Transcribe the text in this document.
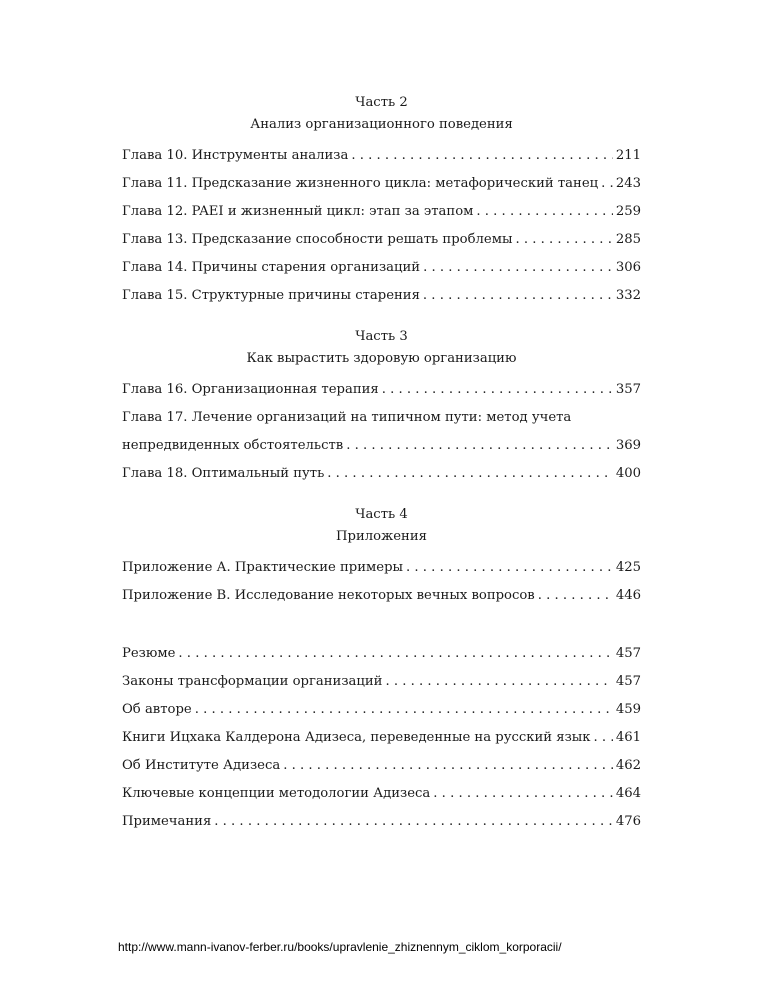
Часть 2
Анализ организационного поведения
Глава 10. Инструменты анализа . . .	211
Глава 11. Предсказание жизненного цикла: метафорический танец . . . 243
Глава 12. PAEI и жизненный цикл: этап за этапом . . .	259
Глава 13. Предсказание способности решать проблемы . . .	285
Глава 14. Причины старения организаций . . .	306
Глава 15. Структурные причины старения . . .	332
Часть 3
Как вырастить здоровую организацию
Глава 16. Организационная терапия . . .	357
Глава 17. Лечение организаций на типичном пути: метод учета
непредвиденных обстоятельств . . .	369
Глава 18. Оптимальный путь . . .	400
Часть 4
Приложения
Приложение А. Практические примеры . . .	425
Приложение В. Исследование некоторых вечных вопросов . . .	446
Резюме . . .	457
Законы трансформации организаций . . .	457
Об авторе . . .	459
Книги Ицхака Калдерона Адизеса, переведенные на русский язык . . . 461
Об Институте Адизеса . . .	462
Ключевые концепции методологии Адизеса . . .	464
Примечания . . .	476
http://www.mann-ivanov-ferber.ru/books/upravlenie_zhiznennym_ciklom_korporacii/
